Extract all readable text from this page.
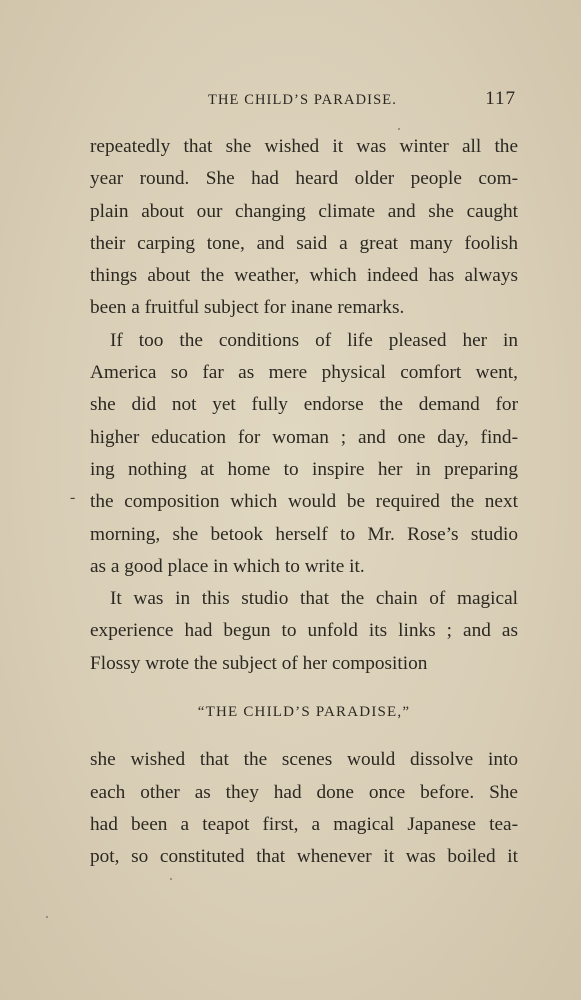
THE CHILD’S PARADISE.	117
-
repeatedly that she wished it was winter all the
year round. She had heard older people com-
plain about our changing climate and she caught
their carping tone, and said a great many foolish
things about the weather, which indeed has always
been a fruitful subject for inane remarks.
If too the conditions of life pleased her in
America so far as mere physical comfort went,
she did not yet fully endorse the demand for
higher education for woman ; and one day, find-
ing nothing at home to inspire her in preparing
the composition which would be required the next
morning, she betook herself to Mr. Rose’s studio
as a good place in which to write it.
It was in this studio that the chain of magical
experience had begun to unfold its links ; and as
Flossy wrote the subject of her composition
“THE CHILD’S PARADISE,”
she wished that the scenes would dissolve into
each other as they had done once before. She
had been a teapot first, a magical Japanese tea-
pot, so constituted that whenever it was boiled it
